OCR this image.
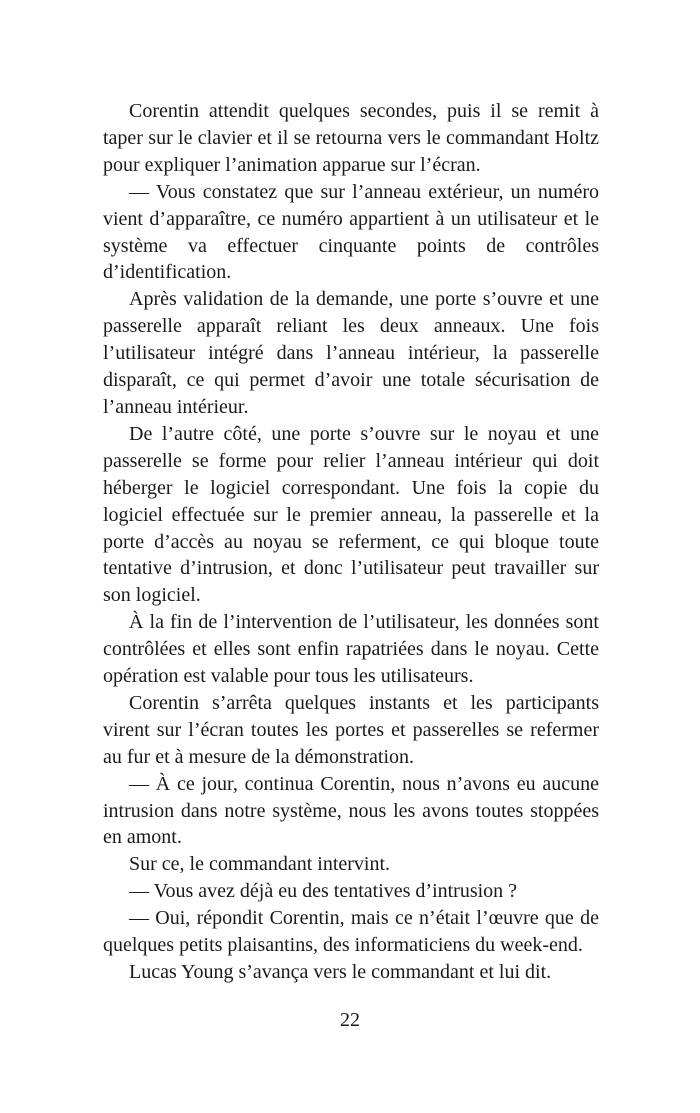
Corentin attendit quelques secondes, puis il se remit à taper sur le clavier et il se retourna vers le commandant Holtz pour expliquer l’animation apparue sur l’écran.

— Vous constatez que sur l’anneau extérieur, un numéro vient d’apparaître, ce numéro appartient à un utilisateur et le système va effectuer cinquante points de contrôles d’identification.

Après validation de la demande, une porte s’ouvre et une passerelle apparaît reliant les deux anneaux. Une fois l’utilisateur intégré dans l’anneau intérieur, la passerelle disparaît, ce qui permet d’avoir une totale sécurisation de l’anneau intérieur.

De l’autre côté, une porte s’ouvre sur le noyau et une passerelle se forme pour relier l’anneau intérieur qui doit héberger le logiciel correspondant. Une fois la copie du logiciel effectuée sur le premier anneau, la passerelle et la porte d’accès au noyau se referment, ce qui bloque toute tentative d’intrusion, et donc l’utilisateur peut travailler sur son logiciel.

À la fin de l’intervention de l’utilisateur, les données sont contrôlées et elles sont enfin rapatriées dans le noyau. Cette opération est valable pour tous les utilisateurs.

Corentin s’arrêta quelques instants et les participants virent sur l’écran toutes les portes et passerelles se refermer au fur et à mesure de la démonstration.

— À ce jour, continua Corentin, nous n’avons eu aucune intrusion dans notre système, nous les avons toutes stoppées en amont.

Sur ce, le commandant intervint.

— Vous avez déjà eu des tentatives d’intrusion ?

— Oui, répondit Corentin, mais ce n’était l’œuvre que de quelques petits plaisantins, des informaticiens du week-end.

Lucas Young s’avança vers le commandant et lui dit.

22
